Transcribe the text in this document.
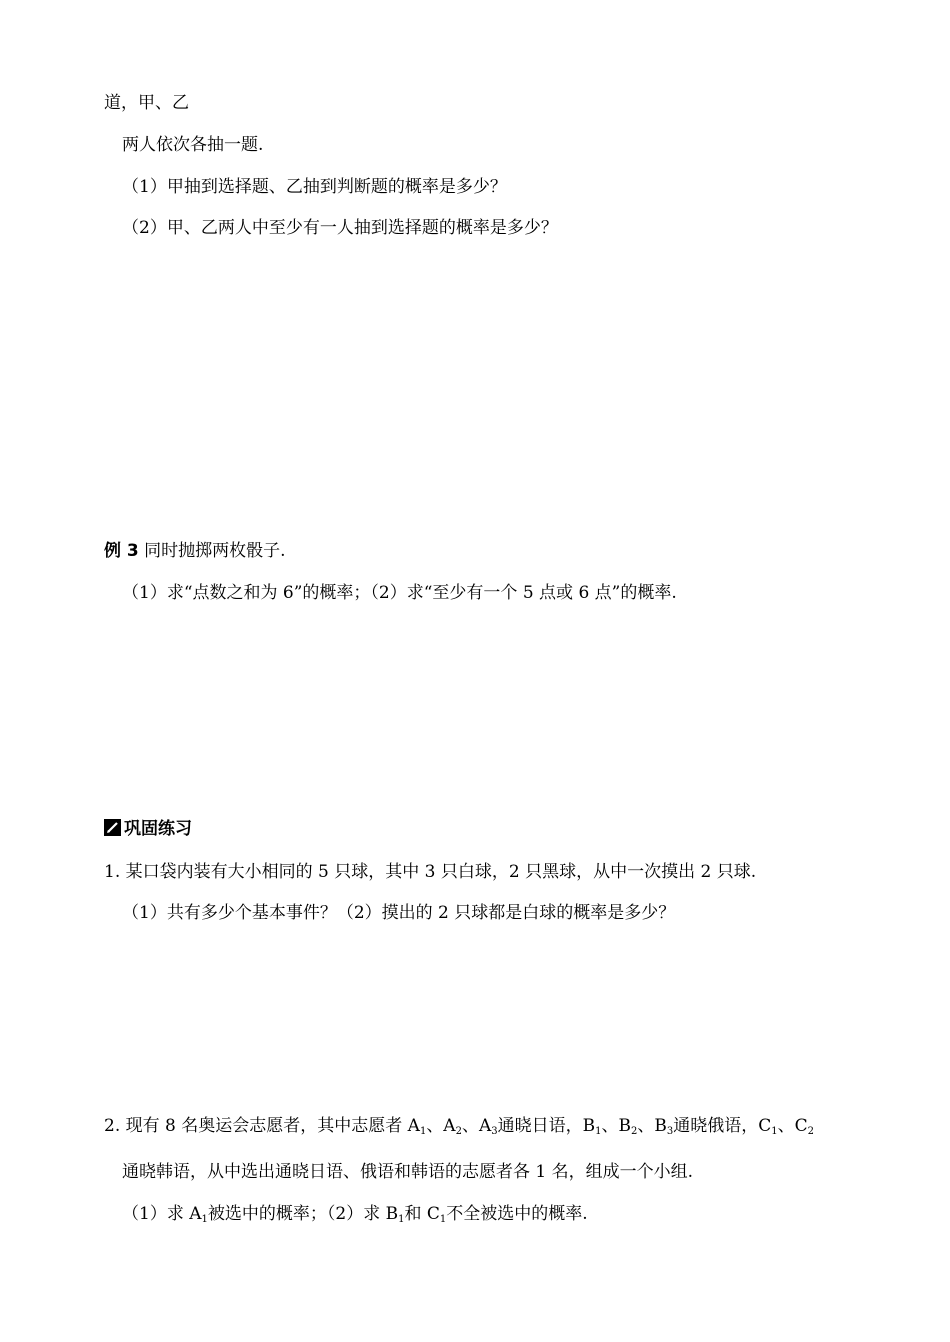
道，甲、乙
两人依次各抽一题.
（1）甲抽到选择题、乙抽到判断题的概率是多少？
（2）甲、乙两人中至少有一人抽到选择题的概率是多少？
例 3 同时抛掷两枚骰子.
（1）求“点数之和为 6”的概率；（2）求“至少有一个 5 点或 6 点”的概率.
巩固练习
1. 某口袋内装有大小相同的 5 只球，其中 3 只白球，2 只黑球，从中一次摸出 2 只球.
（1）共有多少个基本事件？（2）摸出的 2 只球都是白球的概率是多少？
2. 现有 8 名奥运会志愿者，其中志愿者 $A_1$、$A_2$、$A_3$通晓日语，$B_1$、$B_2$、$B_3$通晓俄语，$C_1$、$C_2$
通晓韩语，从中选出通晓日语、俄语和韩语的志愿者各 1 名，组成一个小组.
（1）求 $A_1$被选中的概率；（2）求 $B_1$和 $C_1$不全被选中的概率.
